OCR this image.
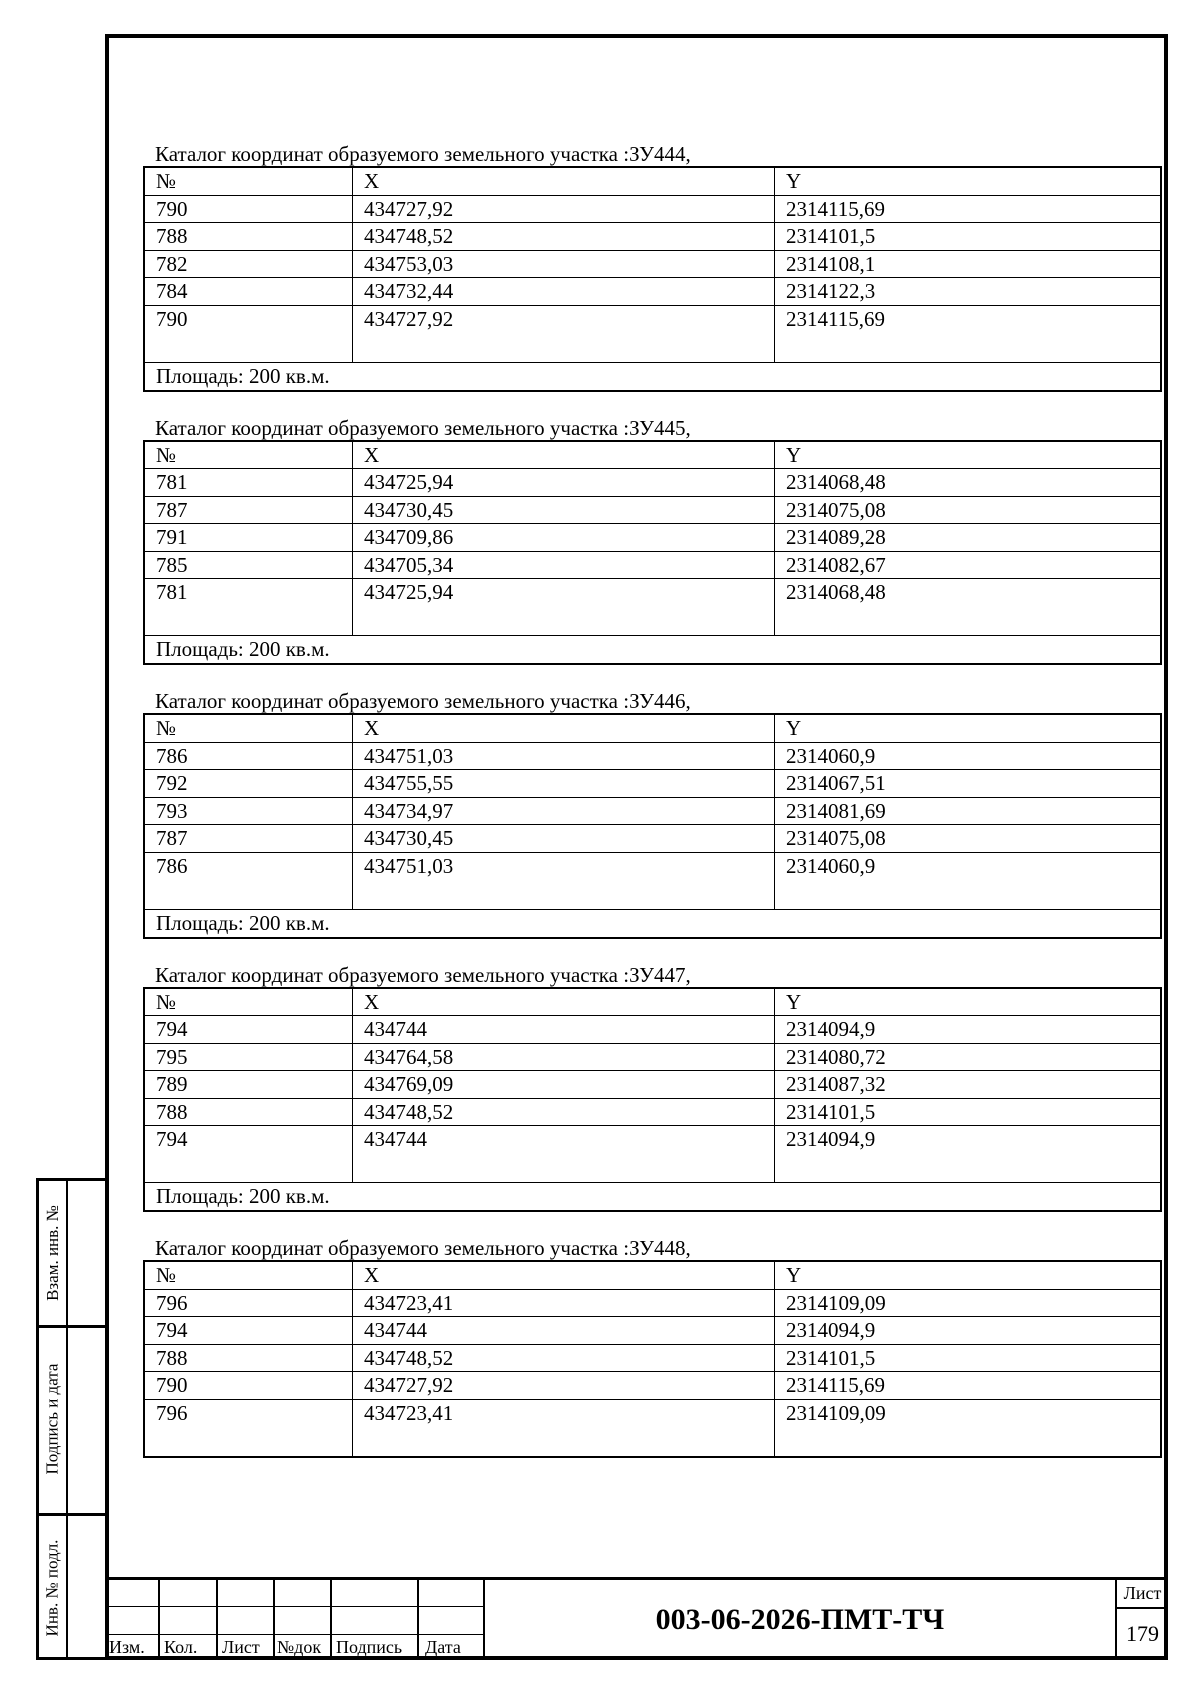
Каталог координат образуемого земельного участка :ЗУ444,
№	X	Y
790	434727,92	2314115,69
788	434748,52	2314101,5
782	434753,03	2314108,1
784	434732,44	2314122,3
790	434727,92	2314115,69
Площадь: 200 кв.м.		
Каталог координат образуемого земельного участка :ЗУ445,
№	X	Y
781	434725,94	2314068,48
787	434730,45	2314075,08
791	434709,86	2314089,28
785	434705,34	2314082,67
781	434725,94	2314068,48
Площадь: 200 кв.м.		
Каталог координат образуемого земельного участка :ЗУ446,
№	X	Y
786	434751,03	2314060,9
792	434755,55	2314067,51
793	434734,97	2314081,69
787	434730,45	2314075,08
786	434751,03	2314060,9
Площадь: 200 кв.м.		
Каталог координат образуемого земельного участка :ЗУ447,
№	X	Y
794	434744	2314094,9
795	434764,58	2314080,72
789	434769,09	2314087,32
788	434748,52	2314101,5
794	434744	2314094,9
Площадь: 200 кв.м.		
Каталог координат образуемого земельного участка :ЗУ448,
№	X	Y
796	434723,41	2314109,09
794	434744	2314094,9
788	434748,52	2314101,5
790	434727,92	2314115,69
796	434723,41	2314109,09
Изм. Кол. Лист №док Подпись Дата
003-06-2026-ПМТ-ТЧ
Лист
179
Взам. инв. №
Подпись и дата
Инв. № подл.
